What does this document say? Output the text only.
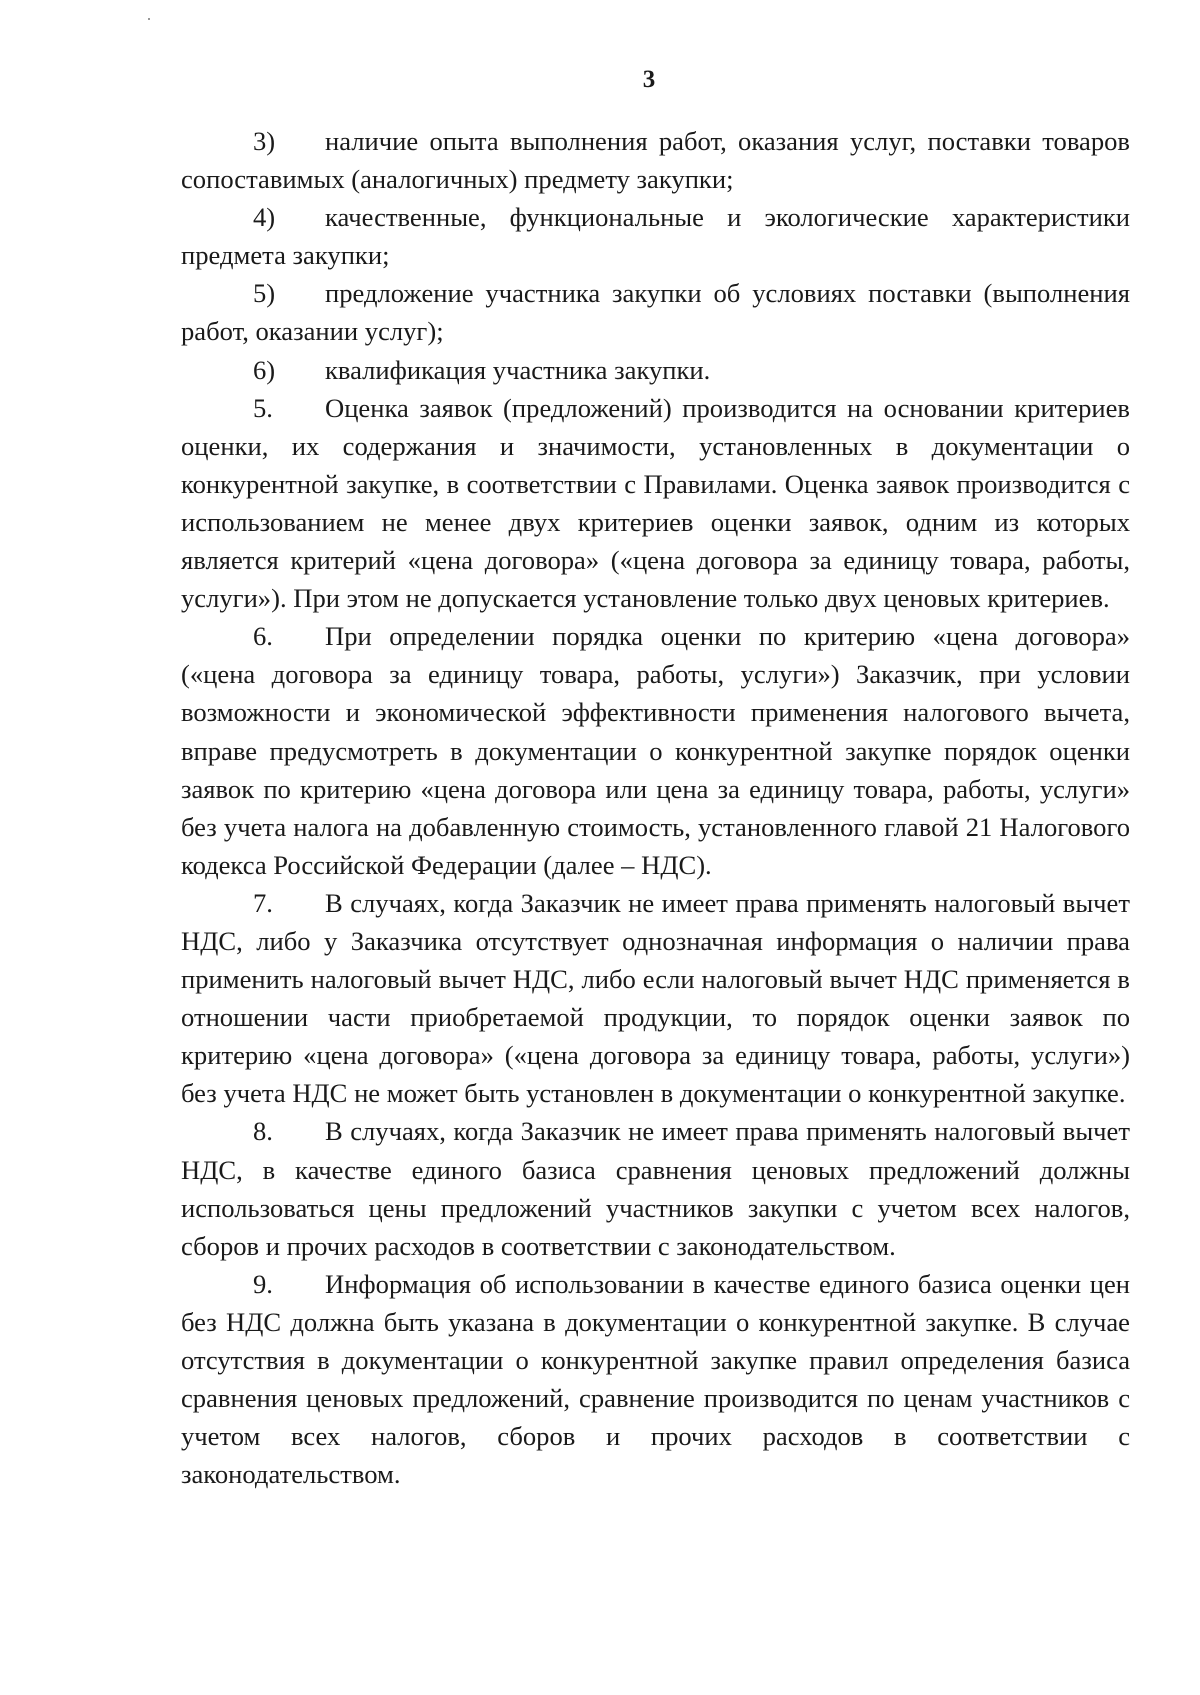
3

3) наличие опыта выполнения работ, оказания услуг, поставки товаров сопоставимых (аналогичных) предмету закупки;

4) качественные, функциональные и экологические характеристики предмета закупки;

5) предложение участника закупки об условиях поставки (выполнения работ, оказании услуг);

6) квалификация участника закупки.

5. Оценка заявок (предложений) производится на основании критериев оценки, их содержания и значимости, установленных в документации о конкурентной закупке, в соответствии с Правилами. Оценка заявок производится с использованием не менее двух критериев оценки заявок, одним из которых является критерий «цена договора» («цена договора за единицу товара, работы, услуги»). При этом не допускается установление только двух ценовых критериев.

6. При определении порядка оценки по критерию «цена договора» («цена договора за единицу товара, работы, услуги») Заказчик, при условии возможности и экономической эффективности применения налогового вычета, вправе предусмотреть в документации о конкурентной закупке порядок оценки заявок по критерию «цена договора или цена за единицу товара, работы, услуги» без учета налога на добавленную стоимость, установленного главой 21 Налогового кодекса Российской Федерации (далее – НДС).

7. В случаях, когда Заказчик не имеет права применять налоговый вычет НДС, либо у Заказчика отсутствует однозначная информация о наличии права применить налоговый вычет НДС, либо если налоговый вычет НДС применяется в отношении части приобретаемой продукции, то порядок оценки заявок по критерию «цена договора» («цена договора за единицу товара, работы, услуги») без учета НДС не может быть установлен в документации о конкурентной закупке.

8. В случаях, когда Заказчик не имеет права применять налоговый вычет НДС, в качестве единого базиса сравнения ценовых предложений должны использоваться цены предложений участников закупки с учетом всех налогов, сборов и прочих расходов в соответствии с законодательством.

9. Информация об использовании в качестве единого базиса оценки цен без НДС должна быть указана в документации о конкурентной закупке. В случае отсутствия в документации о конкурентной закупке правил определения базиса сравнения ценовых предложений, сравнение производится по ценам участников с учетом всех налогов, сборов и прочих расходов в соответствии с законодательством.
